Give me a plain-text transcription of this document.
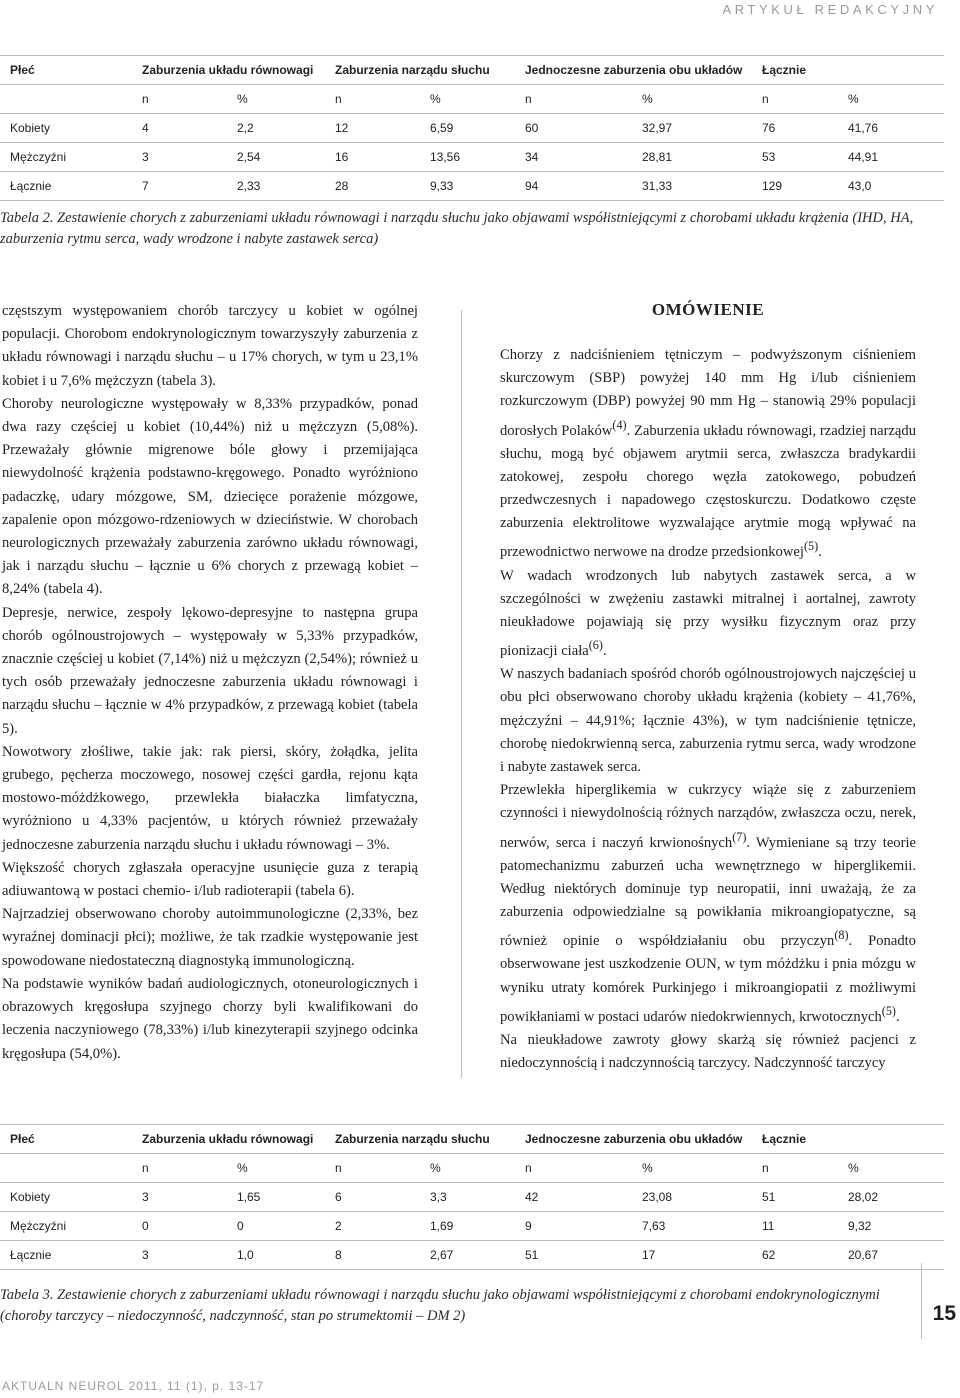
ARTYKUŁ REDAKCYJNY
Płeć	Zaburzenia układu równowagi		Zaburzenia narządu słuchu		Jednoczesne zaburzenia obu układów		Łącznie	
	n	%	n	%	n	%	n	%
Kobiety	4	2,2	12	6,59	60	32,97	76	41,76
Mężczyźni	3	2,54	16	13,56	34	28,81	53	44,91
Łącznie	7	2,33	28	9,33	94	31,33	129	43,0
Tabela 2. Zestawienie chorych z zaburzeniami układu równowagi i narządu słuchu jako objawami współistniejącymi z chorobami układu krążenia (IHD, HA, zaburzenia rytmu serca, wady wrodzone i nabyte zastawek serca)

częstszym występowaniem chorób tarczycy u kobiet w ogólnej populacji. Chorobom endokrynologicznym towarzyszyły zaburzenia z układu równowagi i narządu słuchu – u 17% chorych, w tym u 23,1% kobiet i u 7,6% mężczyzn (tabela 3).

Choroby neurologiczne występowały w 8,33% przypadków, ponad dwa razy częściej u kobiet (10,44%) niż u mężczyzn (5,08%). Przeważały głównie migrenowe bóle głowy i przemijająca niewydolność krążenia podstawno-kręgowego. Ponadto wyróżniono padaczkę, udary mózgowe, SM, dziecięce porażenie mózgowe, zapalenie opon mózgowo-rdzeniowych w dzieciństwie. W chorobach neurologicznych przeważały zaburzenia zarówno układu równowagi, jak i narządu słuchu – łącznie u 6% chorych z przewagą kobiet – 8,24% (tabela 4).

Depresje, nerwice, zespoły lękowo-depresyjne to następna grupa chorób ogólnoustrojowych – występowały w 5,33% przypadków, znacznie częściej u kobiet (7,14%) niż u mężczyzn (2,54%); również u tych osób przeważały jednoczesne zaburzenia układu równowagi i narządu słuchu – łącznie w 4% przypadków, z przewagą kobiet (tabela 5).

Nowotwory złośliwe, takie jak: rak piersi, skóry, żołądka, jelita grubego, pęcherza moczowego, nosowej części gardła, rejonu kąta mostowo-móżdżkowego, przewlekła białaczka limfatyczna, wyróżniono u 4,33% pacjentów, u których również przeważały jednoczesne zaburzenia narządu słuchu i układu równowagi – 3%.

Większość chorych zgłaszała operacyjne usunięcie guza z terapią adiuwantową w postaci chemio- i/lub radioterapii (tabela 6).

Najrzadziej obserwowano choroby autoimmunologiczne (2,33%, bez wyraźnej dominacji płci); możliwe, że tak rzadkie występowanie jest spowodowane niedostateczną diagnostyką immunologiczną.

Na podstawie wyników badań audiologicznych, otoneurologicznych i obrazowych kręgosłupa szyjnego chorzy byli kwalifikowani do leczenia naczyniowego (78,33%) i/lub kinezyterapii szyjnego odcinka kręgosłupa (54,0%).

OMÓWIENIE

Chorzy z nadciśnieniem tętniczym – podwyższonym ciśnieniem skurczowym (SBP) powyżej 140 mm Hg i/lub ciśnieniem rozkurczowym (DBP) powyżej 90 mm Hg – stanowią 29% populacji dorosłych Polaków$^{(4)}$. Zaburzenia układu równowagi, rzadziej narządu słuchu, mogą być objawem arytmii serca, zwłaszcza bradykardii zatokowej, zespołu chorego węzła zatokowego, pobudzeń przedwczesnych i napadowego częstoskurczu. Dodatkowo częste zaburzenia elektrolitowe wyzwalające arytmie mogą wpływać na przewodnictwo nerwowe na drodze przedsionkowej$^{(5)}$.

W wadach wrodzonych lub nabytych zastawek serca, a w szczególności w zwężeniu zastawki mitralnej i aortalnej, zawroty nieukładowe pojawiają się przy wysiłku fizycznym oraz przy pionizacji ciała$^{(6)}$.

W naszych badaniach spośród chorób ogólnoustrojowych najczęściej u obu płci obserwowano choroby układu krążenia (kobiety – 41,76%, mężczyźni – 44,91%; łącznie 43%), w tym nadciśnienie tętnicze, chorobę niedokrwienną serca, zaburzenia rytmu serca, wady wrodzone i nabyte zastawek serca.

Przewlekła hiperglikemia w cukrzycy wiąże się z zaburzeniem czynności i niewydolnością różnych narządów, zwłaszcza oczu, nerek, nerwów, serca i naczyń krwionośnych$^{(7)}$. Wymieniane są trzy teorie patomechanizmu zaburzeń ucha wewnętrznego w hiperglikemii. Według niektórych dominuje typ neuropatii, inni uważają, że za zaburzenia odpowiedzialne są powikłania mikroangiopatyczne, są również opinie o współdziałaniu obu przyczyn$^{(8)}$. Ponadto obserwowane jest uszkodzenie OUN, w tym móżdżku i pnia mózgu w wyniku utraty komórek Purkinjego i mikroangiopatii z możliwymi powikłaniami w postaci udarów niedokrwiennych, krwotocznych$^{(5)}$.

Na nieukładowe zawroty głowy skarżą się również pacjenci z niedoczynnością i nadczynnością tarczycy. Nadczynność tarczycy

Płeć	Zaburzenia układu równowagi		Zaburzenia narządu słuchu		Jednoczesne zaburzenia obu układów		Łącznie	
	n	%	n	%	n	%	n	%
Kobiety	3	1,65	6	3,3	42	23,08	51	28,02
Mężczyźni	0	0	2	1,69	9	7,63	11	9,32
Łącznie	3	1,0	8	2,67	51	17	62	20,67
Tabela 3. Zestawienie chorych z zaburzeniami układu równowagi i narządu słuchu jako objawami współistniejącymi z chorobami endokrynologicznymi (choroby tarczycy – niedoczynność, nadczynność, stan po strumektomii – DM 2)	15
AKTUALN NEUROL 2011, 11 (1), p. 13-17
